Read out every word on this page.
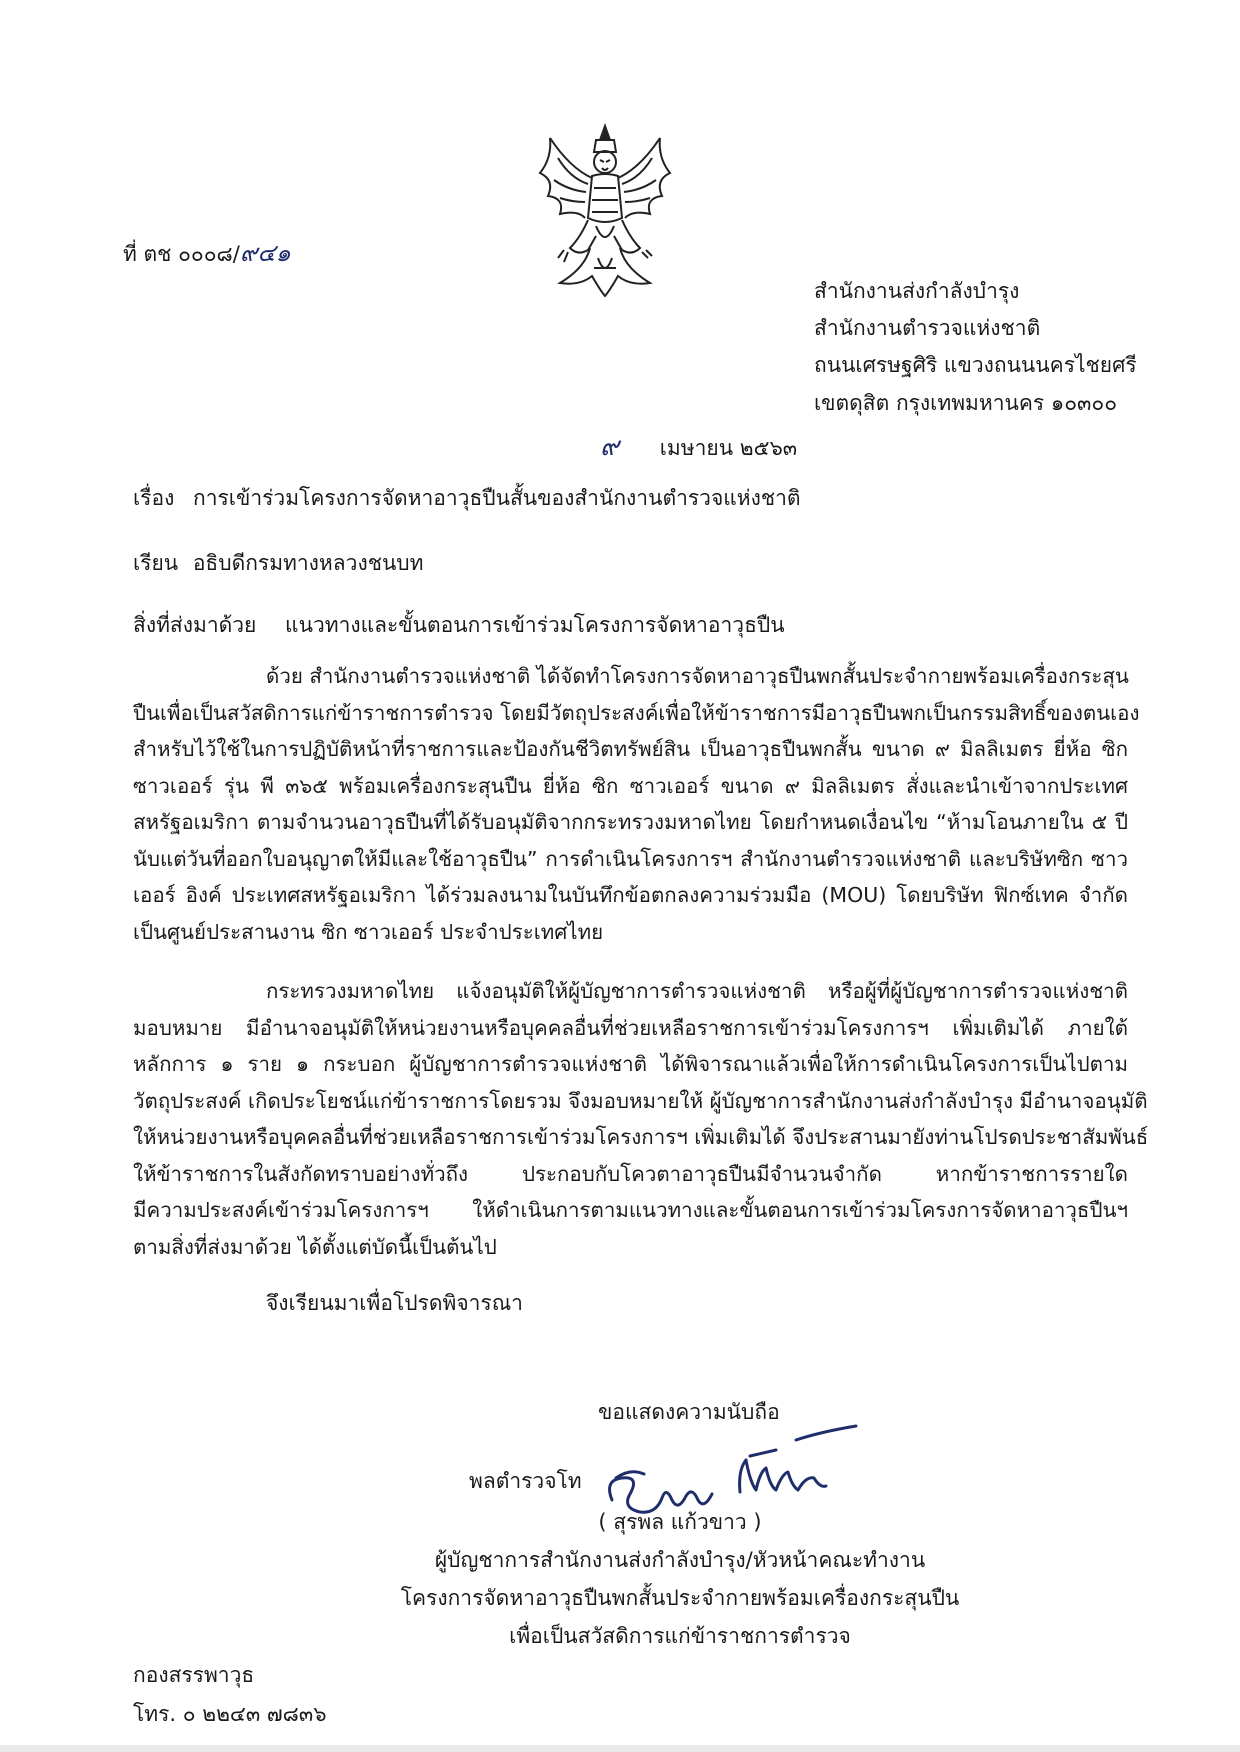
ที่ ตช ๐๐๐๘/๙๔๑
สำนักงานส่งกำลังบำรุง
สำนักงานตำรวจแห่งชาติ
ถนนเศรษฐศิริ แขวงถนนนครไชยศรี
เขตดุสิต กรุงเทพมหานคร ๑๐๓๐๐
๙ เมษายน ๒๕๖๓
เรื่อง การเข้าร่วมโครงการจัดหาอาวุธปืนสั้นของสำนักงานตำรวจแห่งชาติ
เรียน อธิบดีกรมทางหลวงชนบท
สิ่งที่ส่งมาด้วย แนวทางและขั้นตอนการเข้าร่วมโครงการจัดหาอาวุธปืน
ด้วย สำนักงานตำรวจแห่งชาติ ได้จัดทำโครงการจัดหาอาวุธปืนพกสั้นประจำกายพร้อมเครื่องกระสุน
ปืนเพื่อเป็นสวัสดิการแก่ข้าราชการตำรวจ โดยมีวัตถุประสงค์เพื่อให้ข้าราชการมีอาวุธปืนพกเป็นกรรมสิทธิ์ของตนเอง
สำหรับไว้ใช้ในการปฏิบัติหน้าที่ราชการและป้องกันชีวิตทรัพย์สิน เป็นอาวุธปืนพกสั้น ขนาด ๙ มิลลิเมตร ยี่ห้อ ซิก
ซาวเออร์ รุ่น พี ๓๖๕ พร้อมเครื่องกระสุนปืน ยี่ห้อ ซิก ซาวเออร์ ขนาด ๙ มิลลิเมตร สั่งและนำเข้าจากประเทศ
สหรัฐอเมริกา ตามจำนวนอาวุธปืนที่ได้รับอนุมัติจากกระทรวงมหาดไทย โดยกำหนดเงื่อนไข “ห้ามโอนภายใน ๕ ปี
นับแต่วันที่ออกใบอนุญาตให้มีและใช้อาวุธปืน” การดำเนินโครงการฯ สำนักงานตำรวจแห่งชาติ และบริษัทซิก ซาว
เออร์ อิงค์ ประเทศสหรัฐอเมริกา ได้ร่วมลงนามในบันทึกข้อตกลงความร่วมมือ (MOU) โดยบริษัท ฟิกซ์เทค จำกัด
เป็นศูนย์ประสานงาน ซิก ซาวเออร์ ประจำประเทศไทย
กระทรวงมหาดไทย แจ้งอนุมัติให้ผู้บัญชาการตำรวจแห่งชาติ หรือผู้ที่ผู้บัญชาการตำรวจแห่งชาติ
มอบหมาย มีอำนาจอนุมัติให้หน่วยงานหรือบุคคลอื่นที่ช่วยเหลือราชการเข้าร่วมโครงการฯ เพิ่มเติมได้ ภายใต้
หลักการ ๑ ราย ๑ กระบอก ผู้บัญชาการตำรวจแห่งชาติ ได้พิจารณาแล้วเพื่อให้การดำเนินโครงการเป็นไปตาม
วัตถุประสงค์ เกิดประโยชน์แก่ข้าราชการโดยรวม จึงมอบหมายให้ ผู้บัญชาการสำนักงานส่งกำลังบำรุง มีอำนาจอนุมัติ
ให้หน่วยงานหรือบุคคลอื่นที่ช่วยเหลือราชการเข้าร่วมโครงการฯ เพิ่มเติมได้ จึงประสานมายังท่านโปรดประชาสัมพันธ์
ให้ข้าราชการในสังกัดทราบอย่างทั่วถึง ประกอบกับโควตาอาวุธปืนมีจำนวนจำกัด หากข้าราชการรายใด
มีความประสงค์เข้าร่วมโครงการฯ ให้ดำเนินการตามแนวทางและขั้นตอนการเข้าร่วมโครงการจัดหาอาวุธปืนฯ
ตามสิ่งที่ส่งมาด้วย ได้ตั้งแต่บัดนี้เป็นต้นไป
จึงเรียนมาเพื่อโปรดพิจารณา
ขอแสดงความนับถือ
พลตำรวจโท
( สุรพล แก้วขาว )
ผู้บัญชาการสำนักงานส่งกำลังบำรุง/หัวหน้าคณะทำงาน
โครงการจัดหาอาวุธปืนพกสั้นประจำกายพร้อมเครื่องกระสุนปืน
เพื่อเป็นสวัสดิการแก่ข้าราชการตำรวจ
กองสรรพาวุธ
โทร. ๐ ๒๒๔๓ ๗๘๓๖
